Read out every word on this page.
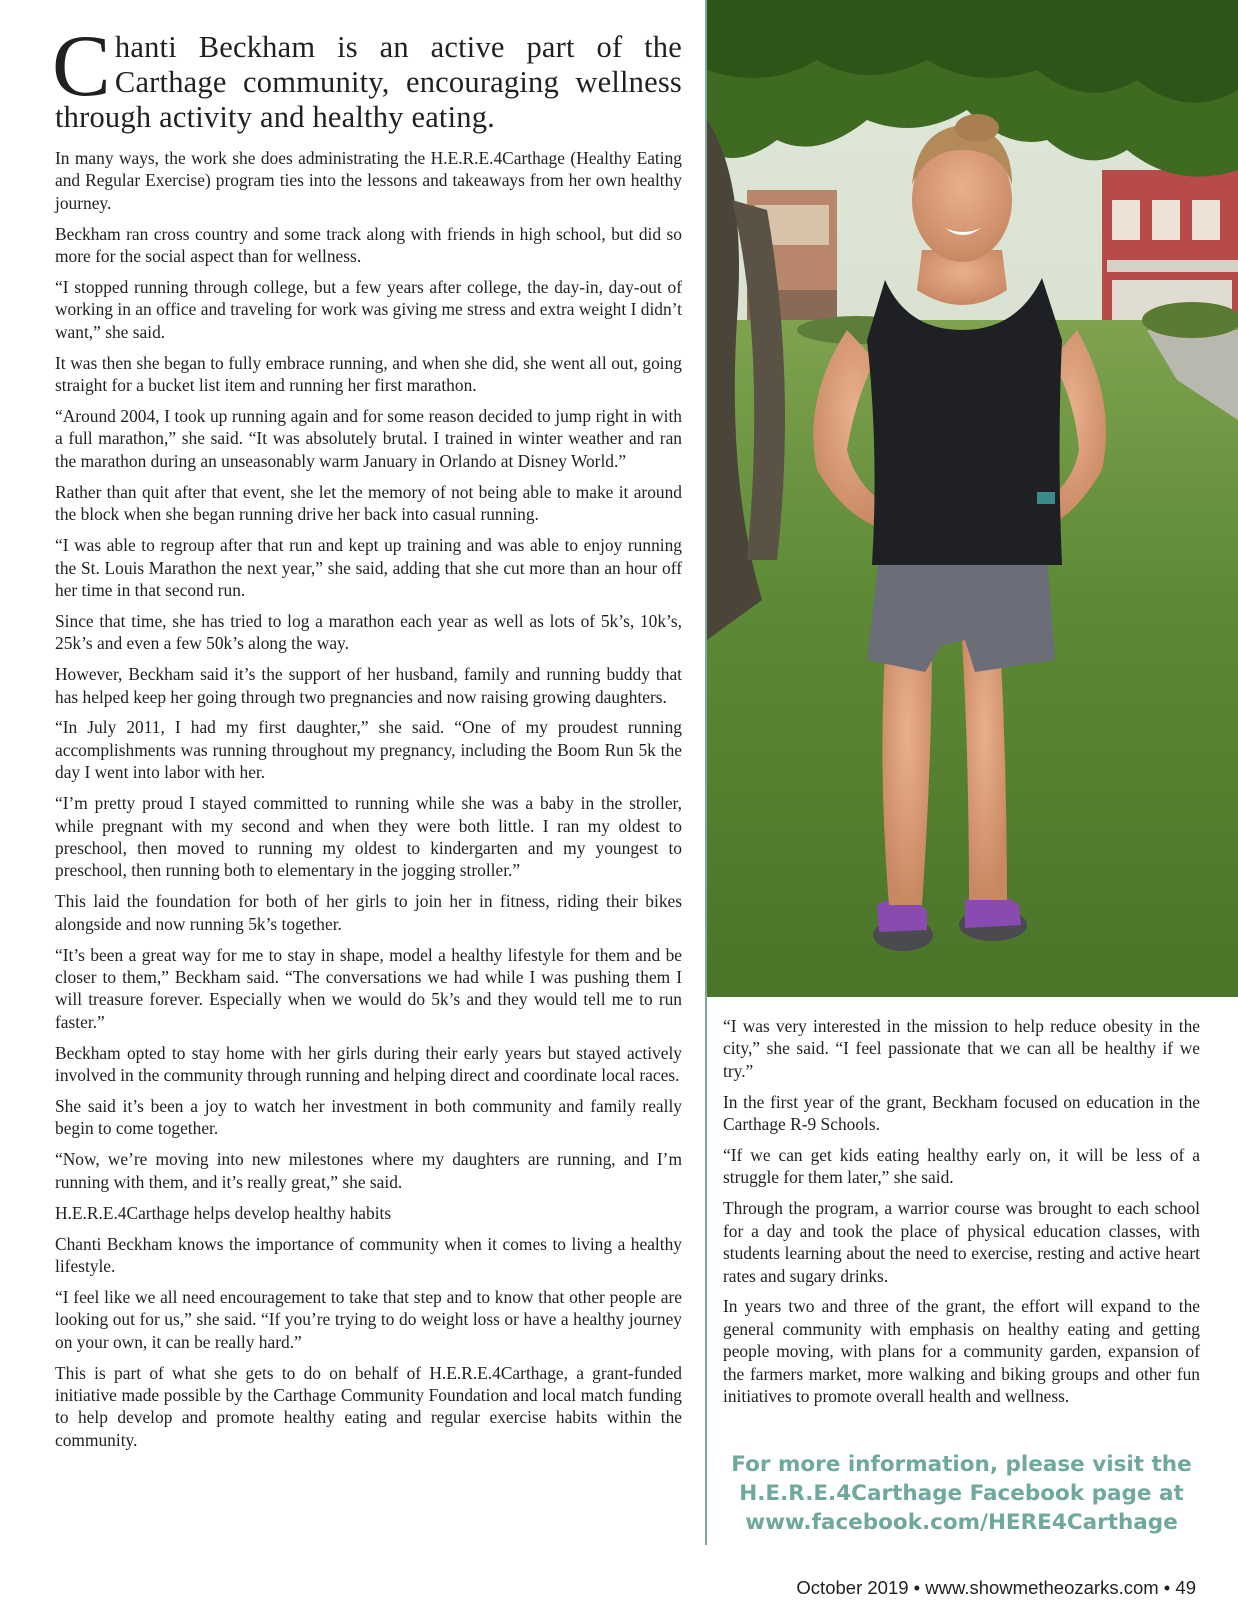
Chanti Beckham is an active part of the Carthage community, encouraging wellness through activity and healthy eating.

In many ways, the work she does administrating the H.E.R.E.4Carthage (Healthy Eating and Regular Exercise) program ties into the lessons and takeaways from her own healthy journey.

Beckham ran cross country and some track along with friends in high school, but did so more for the social aspect than for wellness.

“I stopped running through college, but a few years after college, the day-in, day-out of working in an office and traveling for work was giving me stress and extra weight I didn’t want,” she said.

It was then she began to fully embrace running, and when she did, she went all out, going straight for a bucket list item and running her first marathon.

“Around 2004, I took up running again and for some reason decided to jump right in with a full marathon,” she said. “It was absolutely brutal. I trained in winter weather and ran the marathon during an unseasonably warm January in Orlando at Disney World.”

Rather than quit after that event, she let the memory of not being able to make it around the block when she began running drive her back into casual running.

“I was able to regroup after that run and kept up training and was able to enjoy running the St. Louis Marathon the next year,” she said, adding that she cut more than an hour off her time in that second run.

Since that time, she has tried to log a marathon each year as well as lots of 5k’s, 10k’s, 25k’s and even a few 50k’s along the way.

However, Beckham said it’s the support of her husband, family and running buddy that has helped keep her going through two pregnancies and now raising growing daughters.

“In July 2011, I had my first daughter,” she said. “One of my proudest running accomplishments was running throughout my pregnancy, including the Boom Run 5k the day I went into labor with her.

“I’m pretty proud I stayed committed to running while she was a baby in the stroller, while pregnant with my second and when they were both little. I ran my oldest to preschool, then moved to running my oldest to kindergarten and my youngest to preschool, then running both to elementary in the jogging stroller.”

This laid the foundation for both of her girls to join her in fitness, riding their bikes alongside and now running 5k’s together.

“It’s been a great way for me to stay in shape, model a healthy lifestyle for them and be closer to them,” Beckham said. “The conversations we had while I was pushing them I will treasure forever. Especially when we would do 5k’s and they would tell me to run faster.”

Beckham opted to stay home with her girls during their early years but stayed actively involved in the community through running and helping direct and coordinate local races.

She said it’s been a joy to watch her investment in both community and family really begin to come together.

“Now, we’re moving into new milestones where my daughters are running, and I’m running with them, and it’s really great,” she said.

H.E.R.E.4Carthage helps develop healthy habits

Chanti Beckham knows the importance of community when it comes to living a healthy lifestyle.

“I feel like we all need encouragement to take that step and to know that other people are looking out for us,” she said. “If you’re trying to do weight loss or have a healthy journey on your own, it can be really hard.”

This is part of what she gets to do on behalf of H.E.R.E.4Carthage, a grant-funded initiative made possible by the Carthage Community Foundation and local match funding to help develop and promote healthy eating and regular exercise habits within the community.

“I was very interested in the mission to help reduce obesity in the city,” she said. “I feel passionate that we can all be healthy if we try.”

In the first year of the grant, Beckham focused on education in the Carthage R-9 Schools.

“If we can get kids eating healthy early on, it will be less of a struggle for them later,” she said.

Through the program, a warrior course was brought to each school for a day and took the place of physical education classes, with students learning about the need to exercise, resting and active heart rates and sugary drinks.

In years two and three of the grant, the effort will expand to the general community with emphasis on healthy eating and getting people moving, with plans for a community garden, expansion of the farmers market, more walking and biking groups and other fun initiatives to promote overall health and wellness.

For more information, please visit the
H.E.R.E.4Carthage Facebook page at
www.facebook.com/HERE4Carthage
October 2019 • www.showmetheozarks.com • 49
